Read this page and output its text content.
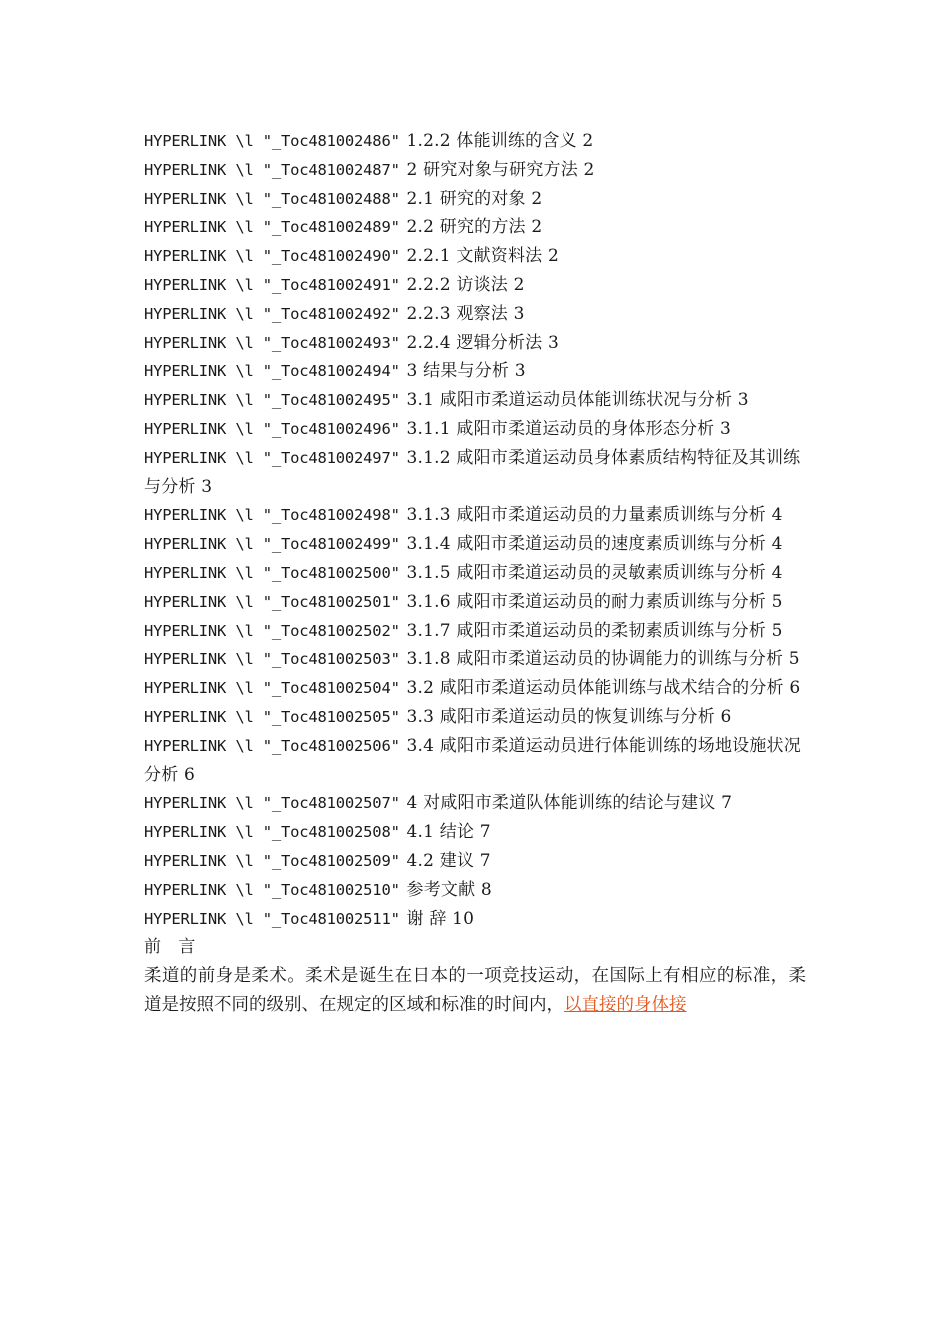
HYPERLINK \l "_Toc481002486" 1.2.2 体能训练的含义 2
HYPERLINK \l "_Toc481002487" 2 研究对象与研究方法 2
HYPERLINK \l "_Toc481002488" 2.1 研究的对象 2
HYPERLINK \l "_Toc481002489" 2.2 研究的方法 2
HYPERLINK \l "_Toc481002490" 2.2.1 文献资料法 2
HYPERLINK \l "_Toc481002491" 2.2.2 访谈法 2
HYPERLINK \l "_Toc481002492" 2.2.3 观察法 3
HYPERLINK \l "_Toc481002493" 2.2.4 逻辑分析法 3
HYPERLINK \l "_Toc481002494" 3 结果与分析 3
HYPERLINK \l "_Toc481002495" 3.1 咸阳市柔道运动员体能训练状况与分析 3
HYPERLINK \l "_Toc481002496" 3.1.1 咸阳市柔道运动员的身体形态分析 3
HYPERLINK \l "_Toc481002497" 3.1.2 咸阳市柔道运动员身体素质结构特征及其训练与分析 3
HYPERLINK \l "_Toc481002498" 3.1.3 咸阳市柔道运动员的力量素质训练与分析 4
HYPERLINK \l "_Toc481002499" 3.1.4 咸阳市柔道运动员的速度素质训练与分析 4
HYPERLINK \l "_Toc481002500" 3.1.5 咸阳市柔道运动员的灵敏素质训练与分析 4
HYPERLINK \l "_Toc481002501" 3.1.6 咸阳市柔道运动员的耐力素质训练与分析 5
HYPERLINK \l "_Toc481002502" 3.1.7 咸阳市柔道运动员的柔韧素质训练与分析 5
HYPERLINK \l "_Toc481002503" 3.1.8 咸阳市柔道运动员的协调能力的训练与分析 5
HYPERLINK \l "_Toc481002504" 3.2 咸阳市柔道运动员体能训练与战术结合的分析 6
HYPERLINK \l "_Toc481002505" 3.3 咸阳市柔道运动员的恢复训练与分析 6
HYPERLINK \l "_Toc481002506" 3.4 咸阳市柔道运动员进行体能训练的场地设施状况分析 6
HYPERLINK \l "_Toc481002507" 4 对咸阳市柔道队体能训练的结论与建议 7
HYPERLINK \l "_Toc481002508" 4.1 结论 7
HYPERLINK \l "_Toc481002509" 4.2 建议 7
HYPERLINK \l "_Toc481002510" 参考文献 8
HYPERLINK \l "_Toc481002511" 谢 辞 10
前 言
柔道的前身是柔术。柔术是诞生在日本的一项竞技运动，在国际上有相应的标准，柔道是按照不同的级别、在规定的区域和标准的时间内，以直接的身体接
